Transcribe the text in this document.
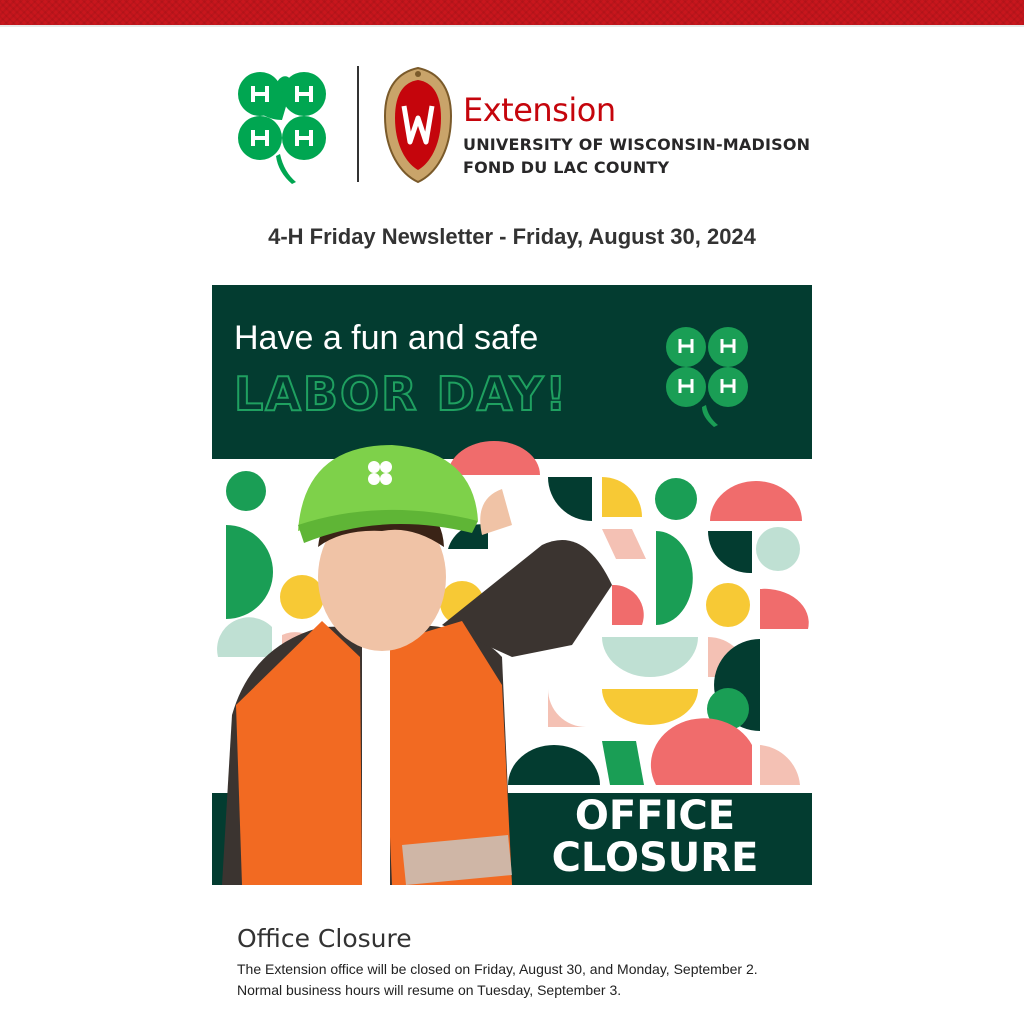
Extension
UNIVERSITY OF WISCONSIN-MADISON
FOND DU LAC COUNTY
4-H Friday Newsletter - Friday, August 30, 2024
Have a fun and safe
LABOR DAY!
OFFICE
CLOSURE
Office Closure

The Extension office will be closed on Friday, August 30, and Monday, September 2.

Normal business hours will resume on Tuesday, September 3.
